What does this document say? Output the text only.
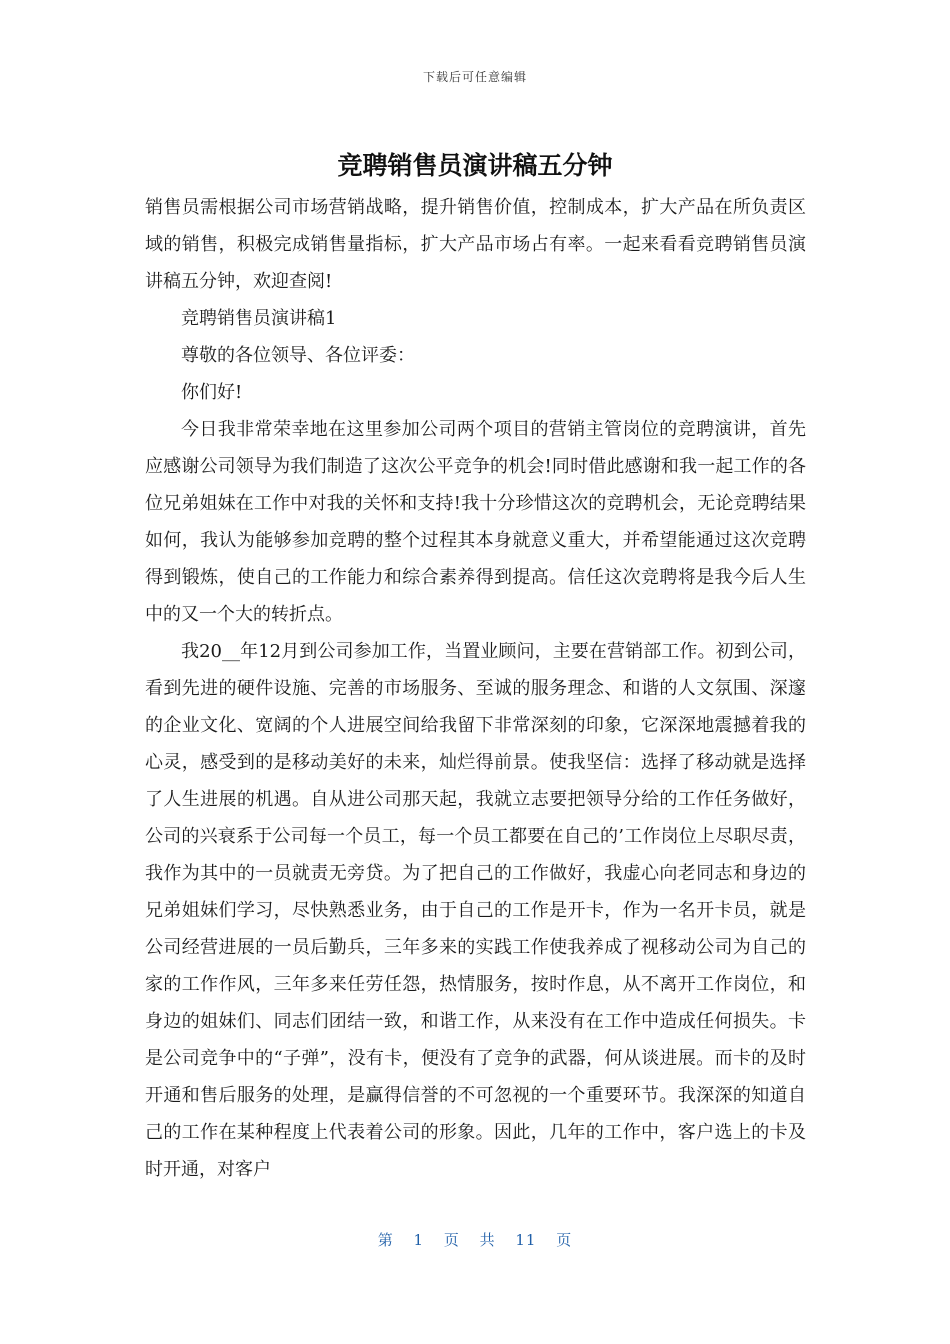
下载后可任意编辑
竞聘销售员演讲稿五分钟

销售员需根据公司市场营销战略，提升销售价值，控制成本，扩大产品在所负责区域的销售，积极完成销售量指标，扩大产品市场占有率。一起来看看竞聘销售员演讲稿五分钟，欢迎查阅!

竞聘销售员演讲稿1

尊敬的各位领导、各位评委：

你们好!

今日我非常荣幸地在这里参加公司两个项目的营销主管岗位的竞聘演讲，首先应感谢公司领导为我们制造了这次公平竞争的机会!同时借此感谢和我一起工作的各位兄弟姐妹在工作中对我的关怀和支持!我十分珍惜这次的竞聘机会，无论竞聘结果如何，我认为能够参加竞聘的整个过程其本身就意义重大，并希望能通过这次竞聘得到锻炼，使自己的工作能力和综合素养得到提高。信任这次竞聘将是我今后人生中的又一个大的转折点。

我20__年12月到公司参加工作，当置业顾问，主要在营销部工作。初到公司，看到先进的硬件设施、完善的市场服务、至诚的服务理念、和谐的人文氛围、深邃的企业文化、宽阔的个人进展空间给我留下非常深刻的印象，它深深地震撼着我的心灵，感受到的是移动美好的未来，灿烂得前景。使我坚信：选择了移动就是选择了人生进展的机遇。自从进公司那天起，我就立志要把领导分给的工作任务做好，公司的兴衰系于公司每一个员工，每一个员工都要在自己的’工作岗位上尽职尽责，我作为其中的一员就责无旁贷。为了把自己的工作做好，我虚心向老同志和身边的兄弟姐妹们学习，尽快熟悉业务，由于自己的工作是开卡，作为一名开卡员，就是公司经营进展的一员后勤兵，三年多来的实践工作使我养成了视移动公司为自己的家的工作作风，三年多来任劳任怨，热情服务，按时作息，从不离开工作岗位，和身边的姐妹们、同志们团结一致，和谐工作，从来没有在工作中造成任何损失。卡是公司竞争中的“子弹”，没有卡，便没有了竞争的武器，何从谈进展。而卡的及时开通和售后服务的处理，是赢得信誉的不可忽视的一个重要环节。我深深的知道自己的工作在某种程度上代表着公司的形象。因此，几年的工作中，客户选上的卡及时开通，对客户

第 1 页 共 11 页
